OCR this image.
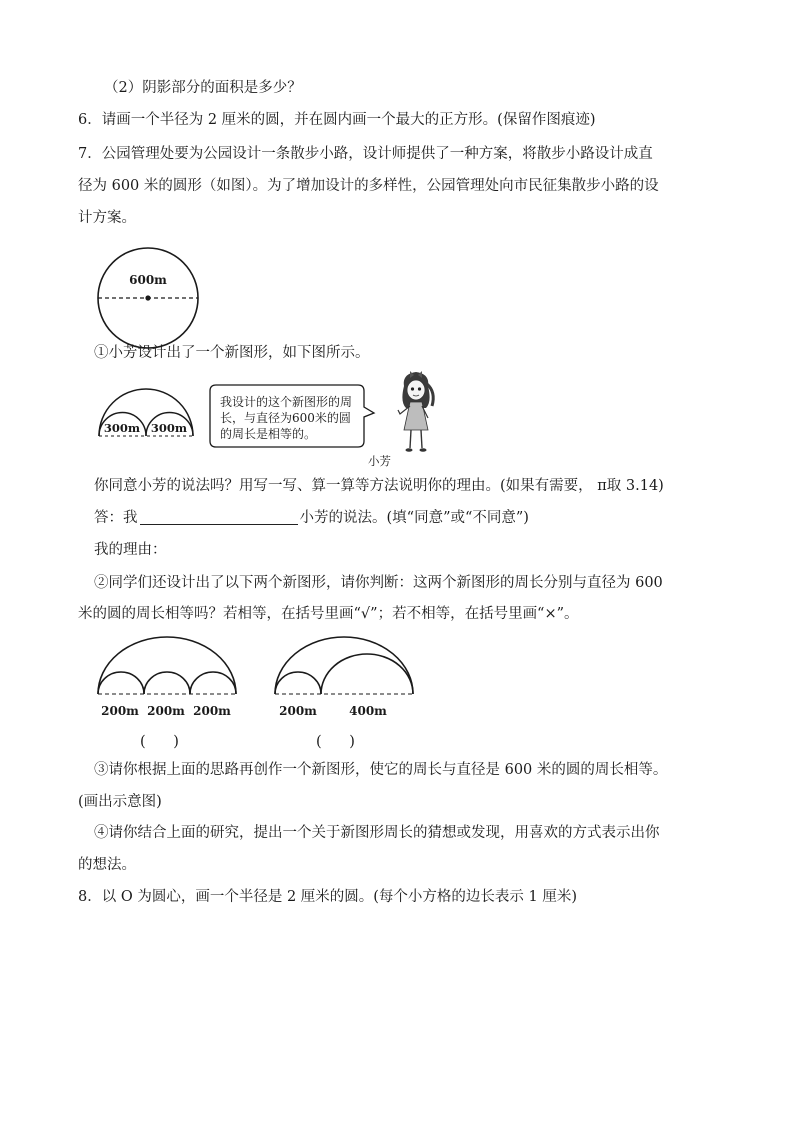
（2）阴影部分的面积是多少？
6．请画一个半径为 2 厘米的圆，并在圆内画一个最大的正方形。(保留作图痕迹)
7．公园管理处要为公园设计一条散步小路，设计师提供了一种方案，将散步小路设计成直
径为 600 米的圆形（如图）。为了增加设计的多样性，公园管理处向市民征集散步小路的设
计方案。
600m
①小芳设计出了一个新图形，如下图所示。
300m 300m
我设计的这个新图形的周
长，与直径为600米的圆
的周长是相等的。
小芳
你同意小芳的说法吗？用写一写、算一算等方法说明你的理由。(如果有需要， π取 3.14)
答：我	小芳的说法。(填“同意”或“不同意”)
我的理由：
②同学们还设计出了以下两个新图形，请你判断：这两个新图形的周长分别与直径为 600
米的圆的周长相等吗？若相等，在括号里画“√”；若不相等，在括号里画“×”。
200m 200m 200m	200m	400m
(      )	(      )
③请你根据上面的思路再创作一个新图形，使它的周长与直径是 600 米的圆的周长相等。
(画出示意图)
④请你结合上面的研究，提出一个关于新图形周长的猜想或发现，用喜欢的方式表示出你
的想法。
8．以 O 为圆心，画一个半径是 2 厘米的圆。(每个小方格的边长表示 1 厘米)
